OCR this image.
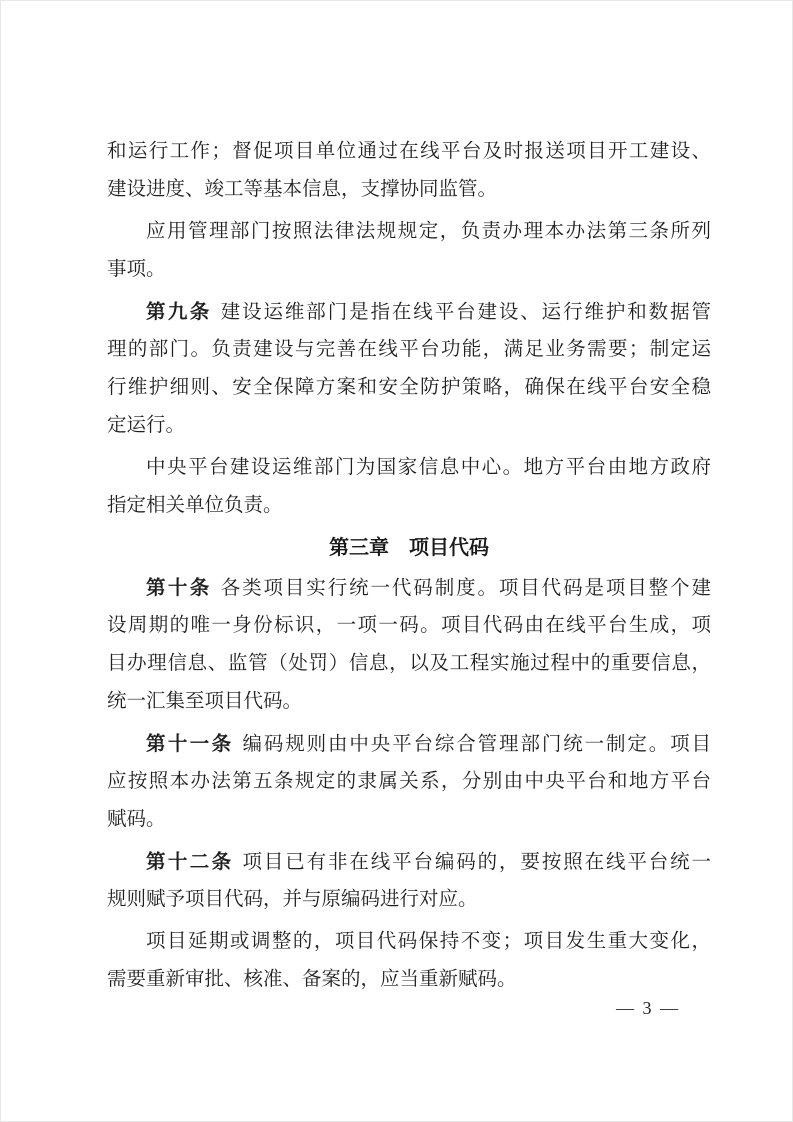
和运行工作；督促项目单位通过在线平台及时报送项目开工建设、
建设进度、竣工等基本信息，支撑协同监管。
应用管理部门按照法律法规规定，负责办理本办法第三条所列
事项。
第九条 建设运维部门是指在线平台建设、运行维护和数据管
理的部门。负责建设与完善在线平台功能，满足业务需要；制定运
行维护细则、安全保障方案和安全防护策略，确保在线平台安全稳
定运行。
中央平台建设运维部门为国家信息中心。地方平台由地方政府
指定相关单位负责。
第三章　项目代码
第十条 各类项目实行统一代码制度。项目代码是项目整个建
设周期的唯一身份标识，一项一码。项目代码由在线平台生成，项
目办理信息、监管（处罚）信息，以及工程实施过程中的重要信息，
统一汇集至项目代码。
第十一条 编码规则由中央平台综合管理部门统一制定。项目
应按照本办法第五条规定的隶属关系，分别由中央平台和地方平台
赋码。
第十二条 项目已有非在线平台编码的，要按照在线平台统一
规则赋予项目代码，并与原编码进行对应。
项目延期或调整的，项目代码保持不变；项目发生重大变化，
需要重新审批、核准、备案的，应当重新赋码。
— 3 —
